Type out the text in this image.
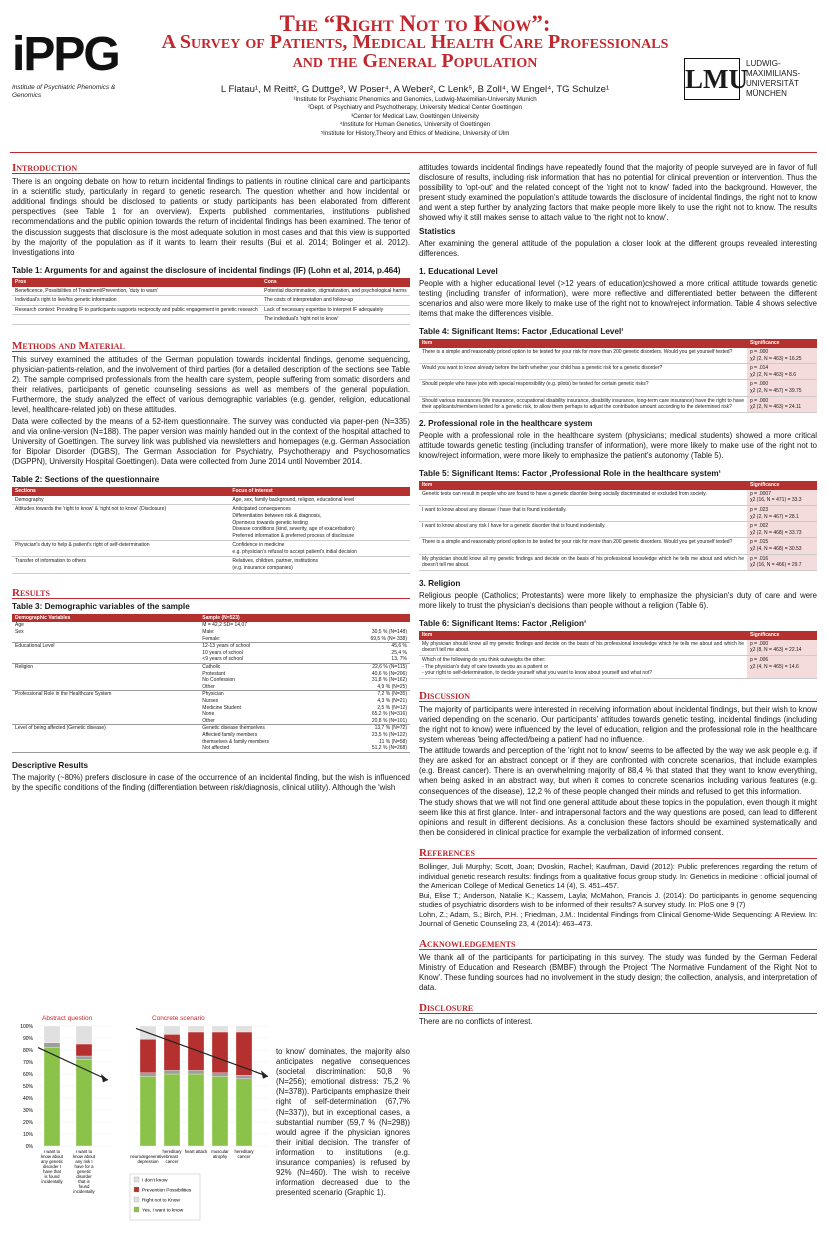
iPPG
Institute of Psychiatric Phenomics & Genomics
The “Right Not to Know”:
A Survey of Patients, Medical Health Care Professionals
and the General Population
L Flatau¹, M Reitt², G Duttge³, W Poser⁴, A Weber², C Lenk⁵, B Zoll⁴, W Engel⁴, TG Schulze¹
¹Institute for Psychiatric Phenomics and Genomics, Ludwig-Maximilian-University Munich
²Dept. of Psychiatry and Psychotherapy, University Medical Center Goettingen
³Center for Medical Law, Goettingen University
⁴Institute for Human Genetics, University of Goettingen
⁵Institute for History,Theory and Ethics of Medicine, University of Ulm
LMU
LUDWIG-
MAXIMILIANS-
UNIVERSITÄT
MÜNCHEN
Introduction
There is an ongoing debate on how to return incidental findings to patients in routine clinical care and participants in a scientific study, particularly in regard to genetic research. The question whether and how incidental or additional findings should be disclosed to patients or study participants has been elaborated from different perspectives (see Table 1 for an overview). Experts published commentaries, institutions published recommendations and the public opinion towards the return of incidental findings has been examined. The tenor of the discussion suggests that disclosure is the most adequate solution in most cases and that this view is supported by the majority of the population as if it wants to learn their results (Bui et al. 2014; Bolinger et al. 2012). Investigations into
Table 1: Arguments for and against the disclosure of incidental findings (IF) (Lohn et al, 2014, p.464)
Pros	Cons
Beneficence, Possibilities of Treatment/Prevention, 'duty to warn'	Potential discrimination, stigmatization, and psychological harms
Individual's right to live/his genetic information	The costs of interpretation and follow-up
Research context: Providing IF to participants supports reciprocity and public engagement in genetic research	Lack of necessary expertise to interpret IF adequately
	The individual's 'right not to know'
Methods and Material
This survey examined the attitudes of the German population towards incidental findings, genome sequencing, physician-patients-relation, and the involvement of third parties (for a detailed description of the sections see Table 2). The sample comprised professionals from the health care system, people suffering from somatic disorders and their relatives, participants of genetic counseling sessions as well as members of the general population. Furthermore, the study analyzed the effect of various demographic variables (e.g. gender, religion, educational level, healthcare-related job) on these attitudes.
Data were collected by the means of a 52-item questionnaire. The survey was conducted via paper-pen (N=335) and via online-version (N=188). The paper version was mainly handed out in the context of the hospital attached to University of Goettingen. The survey link was published via newsletters and homepages (e.g. German Association for Bipolar Disorder (DGBS), The German Association for Psychiatry, Psychotherapy and Psychosomatics (DGPPN), University Hospital Goettingen). Data were collected from June 2014 until November 2014.
Table 2: Sections of the questionnaire
Sections	Focus of interest
Demography	Age, sex, family background, religion, educational level
Attitudes towards the 'right to know' & 'right not to know' (Disclosure)	Anticipated consequences
Differentiation between risk & diagnosis,
Openness towards genetic testing
Disease conditions (kind, severity, age of exacerbation)
Preferred information & preferred process of disclosure
Physician's duty to help & patient's right of self-determination	Confidence in medicine
e.g. physician's refusal to accept patient's initial decision
Transfer of information to others	Relatives, children, partner, institutions
(e.g. insurance companies)
Results
Table 3: Demographic variables of the sample
Demographic Variables	Sample (N=523)	
Age	M = 42,2 SD= 14,07	
Sex	Male:	30,5 % (N=148)
	Female:	69,5 % (N= 338)
Educational Level	12-13 years of school	45,6 %
	10 years of school	25,4 %
	<9 years of school	13, 7%
Religion	Catholic	22,6 % (N=115)
	Protestant	40,6 % (N=206)
	No Confession	31,8 % (N=162)
	Other	4,9 % (N=25)
Professional Role in the Healthcare System	Physician	7,2 % (N=35)
	Nurses	4,3 % (N=21)
	Medicine Student	2,5 % (N=12)
	None	65,2 % (N=316)
	Other	20,8 % (N=101)
Level of being affected (Genetic disease)	Genetic disease themselves	13,7 % (N=72)
	Affected family members	23,5 % (N=122)
	themselves & family members	11 % (N=58)
	Not affected	51,2 % (N=268)
Descriptive Results
The majority (~80%) prefers disclosure in case of the occurrence of an incidental finding, but the wish is influenced by the specific conditions of the finding (differentiation between risk/diagnosis, clinical utility). Although the 'wish
Abstract question	Concrete scenario
100%
90%
80%
70%
60%
50%
40%
30%
20%
10%
0%
I want to know about any genetic disorder I have that is found incidentally
I want to know about any risk I have for a genetic disorder that is found incidentally
neurodegenerative depression
hereditary breast cancer
heart attack muscular atrophy
hereditary cancer
I don't know
Prevention Possibilities
Right not to Know
Yes, I want to know
to know' dominates, the majority also anticipates negative consequences (societal discrimination: 50,8 % (N=256); emotional distress: 75,2 % (N=378)). Participants emphasize their right of self-determination (67,7% (N=337)), but in exceptional cases, a substantial number (59,7 % (N=298)) would agree if the physician ignores their initial decision. The transfer of information to institutions (e.g. insurance companies) is refused by 92% (N=460). The wish to receive information decreased due to the presented scenario (Graphic 1).
attitudes towards incidental findings have repeatedly found that the majority of people surveyed are in favor of full disclosure of results, including risk information that has no potential for clinical prevention or intervention. Thus the possibility to 'opt-out' and the related concept of the 'right not to know' faded into the background. However, the present study examined the population's attitude towards the disclosure of incidental findings, the right not to know and went a step further by analyzing factors that make people more likely to use the right not to know. The results showed why it still makes sense to attach value to 'the right not to know'.
Statistics
After examining the general attitude of the population a closer look at the different groups revealed interesting differences.
1. Educational Level
People with a higher educational level (>12 years of education)cshowed a more critical attitude towards genetic testing (including transfer of information), were more reflective and differentiated better between the different scenarios and also were more likely to make use of the right not to know/reject information. Table 4 shows selective items that make the differences visible.
Table 4: Significant Items: Factor ‚Educational Level‘
Item	Significance
There is a simple and reasonably priced option to be tested for your risk for more than 200 genetic disorders. Would you get yourself tested?	p = .000
χ2 (2, N = 463) = 16.25
Would you want to know already before the birth whether your child has a genetic risk for a genetic disorder?	p = .014
χ2 (2, N = 463) = 8.6
Should people who have jobs with special responsibility (e.g. pilots) be tested for certain genetic risks?	p = .000
χ2 (2, N = 457) = 39.75
Should various insurances (life insurance, occupational disability insurance, disability insurance, long-term care insurance) have the right to have their applicants/members tested for a genetic risk, to allow them perhaps to adjust the contribution amount according to the determined risk?	p = .000
χ2 (2, N = 463) = 24.11
2. Professional role in the healthcare system
People with a professional role in the healthcare system (physicians; medical students) showed a more critical attitude towards genetic testing (including transfer of information), were more likely to make use of the right not to know/reject information, were more likely to emphasize the patient's autonomy (Table 5).
Table 5: Significant Items: Factor ‚Professional Role in the healthcare system‘
Item	Significance
Genetic tests can result in people who are found to have a genetic disorder being socially discriminated or excluded from society.	p = .0007
χ2 (16, N = 471) = 33.3
I want to know about any disease I have that is found incidentally.	p = .023
χ2 (2, N = 467) = 28.1
I want to know about any risk I have for a genetic disorder that is found incidentally.	p = .002
χ2 (2, N = 468) = 33.73
There is a simple and reasonably priced option to be tested for your risk for more than 200 genetic disorders. Would you get yourself tested?	p = .015
χ2 (4, N = 468) = 30.53
My physician should know all my genetic findings and decide on the basis of his professional knowledge which he tells me about and which he doesn't tell me about.	p = .016
χ2 (16, N = 466) = 29.7
3. Religion
Religious people (Catholics; Protestants) were more likely to emphasize the physician's duty of care and were more likely to trust the physician's decisions than people without a religion (Table 6).
Table 6: Significant Items: Factor ‚Religion‘
Item	Significance
My physician should know all my genetic findings and decide on the basis of his professional knowledge which he tells me about and which he doesn't tell me about.	p = .000
χ2 (8, N = 463) = 22.14
Which of the following do you think outweighs the other:
- The physician's duty of care towards you as a patient or
- your right to self-determination, to decide yourself what you want to know about yourself and what not?	p = .006
χ2 (4, N = 465) = 14.6
Discussion
The majority of participants were interested in receiving information about incidental findings, but their wish to know varied depending on the scenario. Our participants' attitudes towards genetic testing, incidental findings (including the right not to know) were influenced by the level of education, religion and the professional role in the healthcare system whereas 'being affected/being a patient' had no influence.
The attitude towards and perception of the 'right not to know' seems to be affected by the way we ask people e.g. if they are asked for an abstract concept or if they are confronted with concrete scenarios, that include examples (e.g. Breast cancer). There is an overwhelming majority of 88,4 % that stated that they want to know everything, when being asked in an abstract way, but when it comes to concrete scenarios including various features (e.g. consequences of the disease), 12,2 % of these people changed their minds and refused to get this information.
The study shows that we will not find one general attitude about these topics in the population, even though it might seem like this at first glance. Inter- and intrapersonal factors and the way questions are posed, can lead to different opinions and result in different decisions. As a conclusion these factors should be examined systematically and then be considered in clinical practice for example the verbalization of informed consent.
References
Bollinger, Juli Murphy; Scott, Joan; Dvoskin, Rachel; Kaufman, David (2012): Public preferences regarding the return of individual genetic research results: findings from a qualitative focus group study. In: Genetics in medicine : official journal of the American College of Medical Genetics 14 (4), S. 451–457.
Bui, Elise T.; Anderson, Natalie K.; Kassem, Layla; McMahon, Francis J. (2014): Do participants in genome sequencing studies of psychiatric disorders wish to be informed of their results? A survey study. In: PloS one 9 (7)
Lohn, Z.; Adam, S.; Birch, P.H. ; Friedman, J.M.: Incidental Findings from Clinical Genome-Wide Sequencing: A Review. In: Journal of Genetic Counseling 23, 4 (2014): 463–473.
Acknowledgements
We thank all of the participants for participating in this survey. The study was funded by the German Federal Ministry of Education and Research (BMBF) through the Project 'The Normative Fundament of the Right Not to Know'. These funding sources had no involvement in the study design; the collection, analysis, and interpretation of data.
Disclosure
There are no conflicts of interest.
